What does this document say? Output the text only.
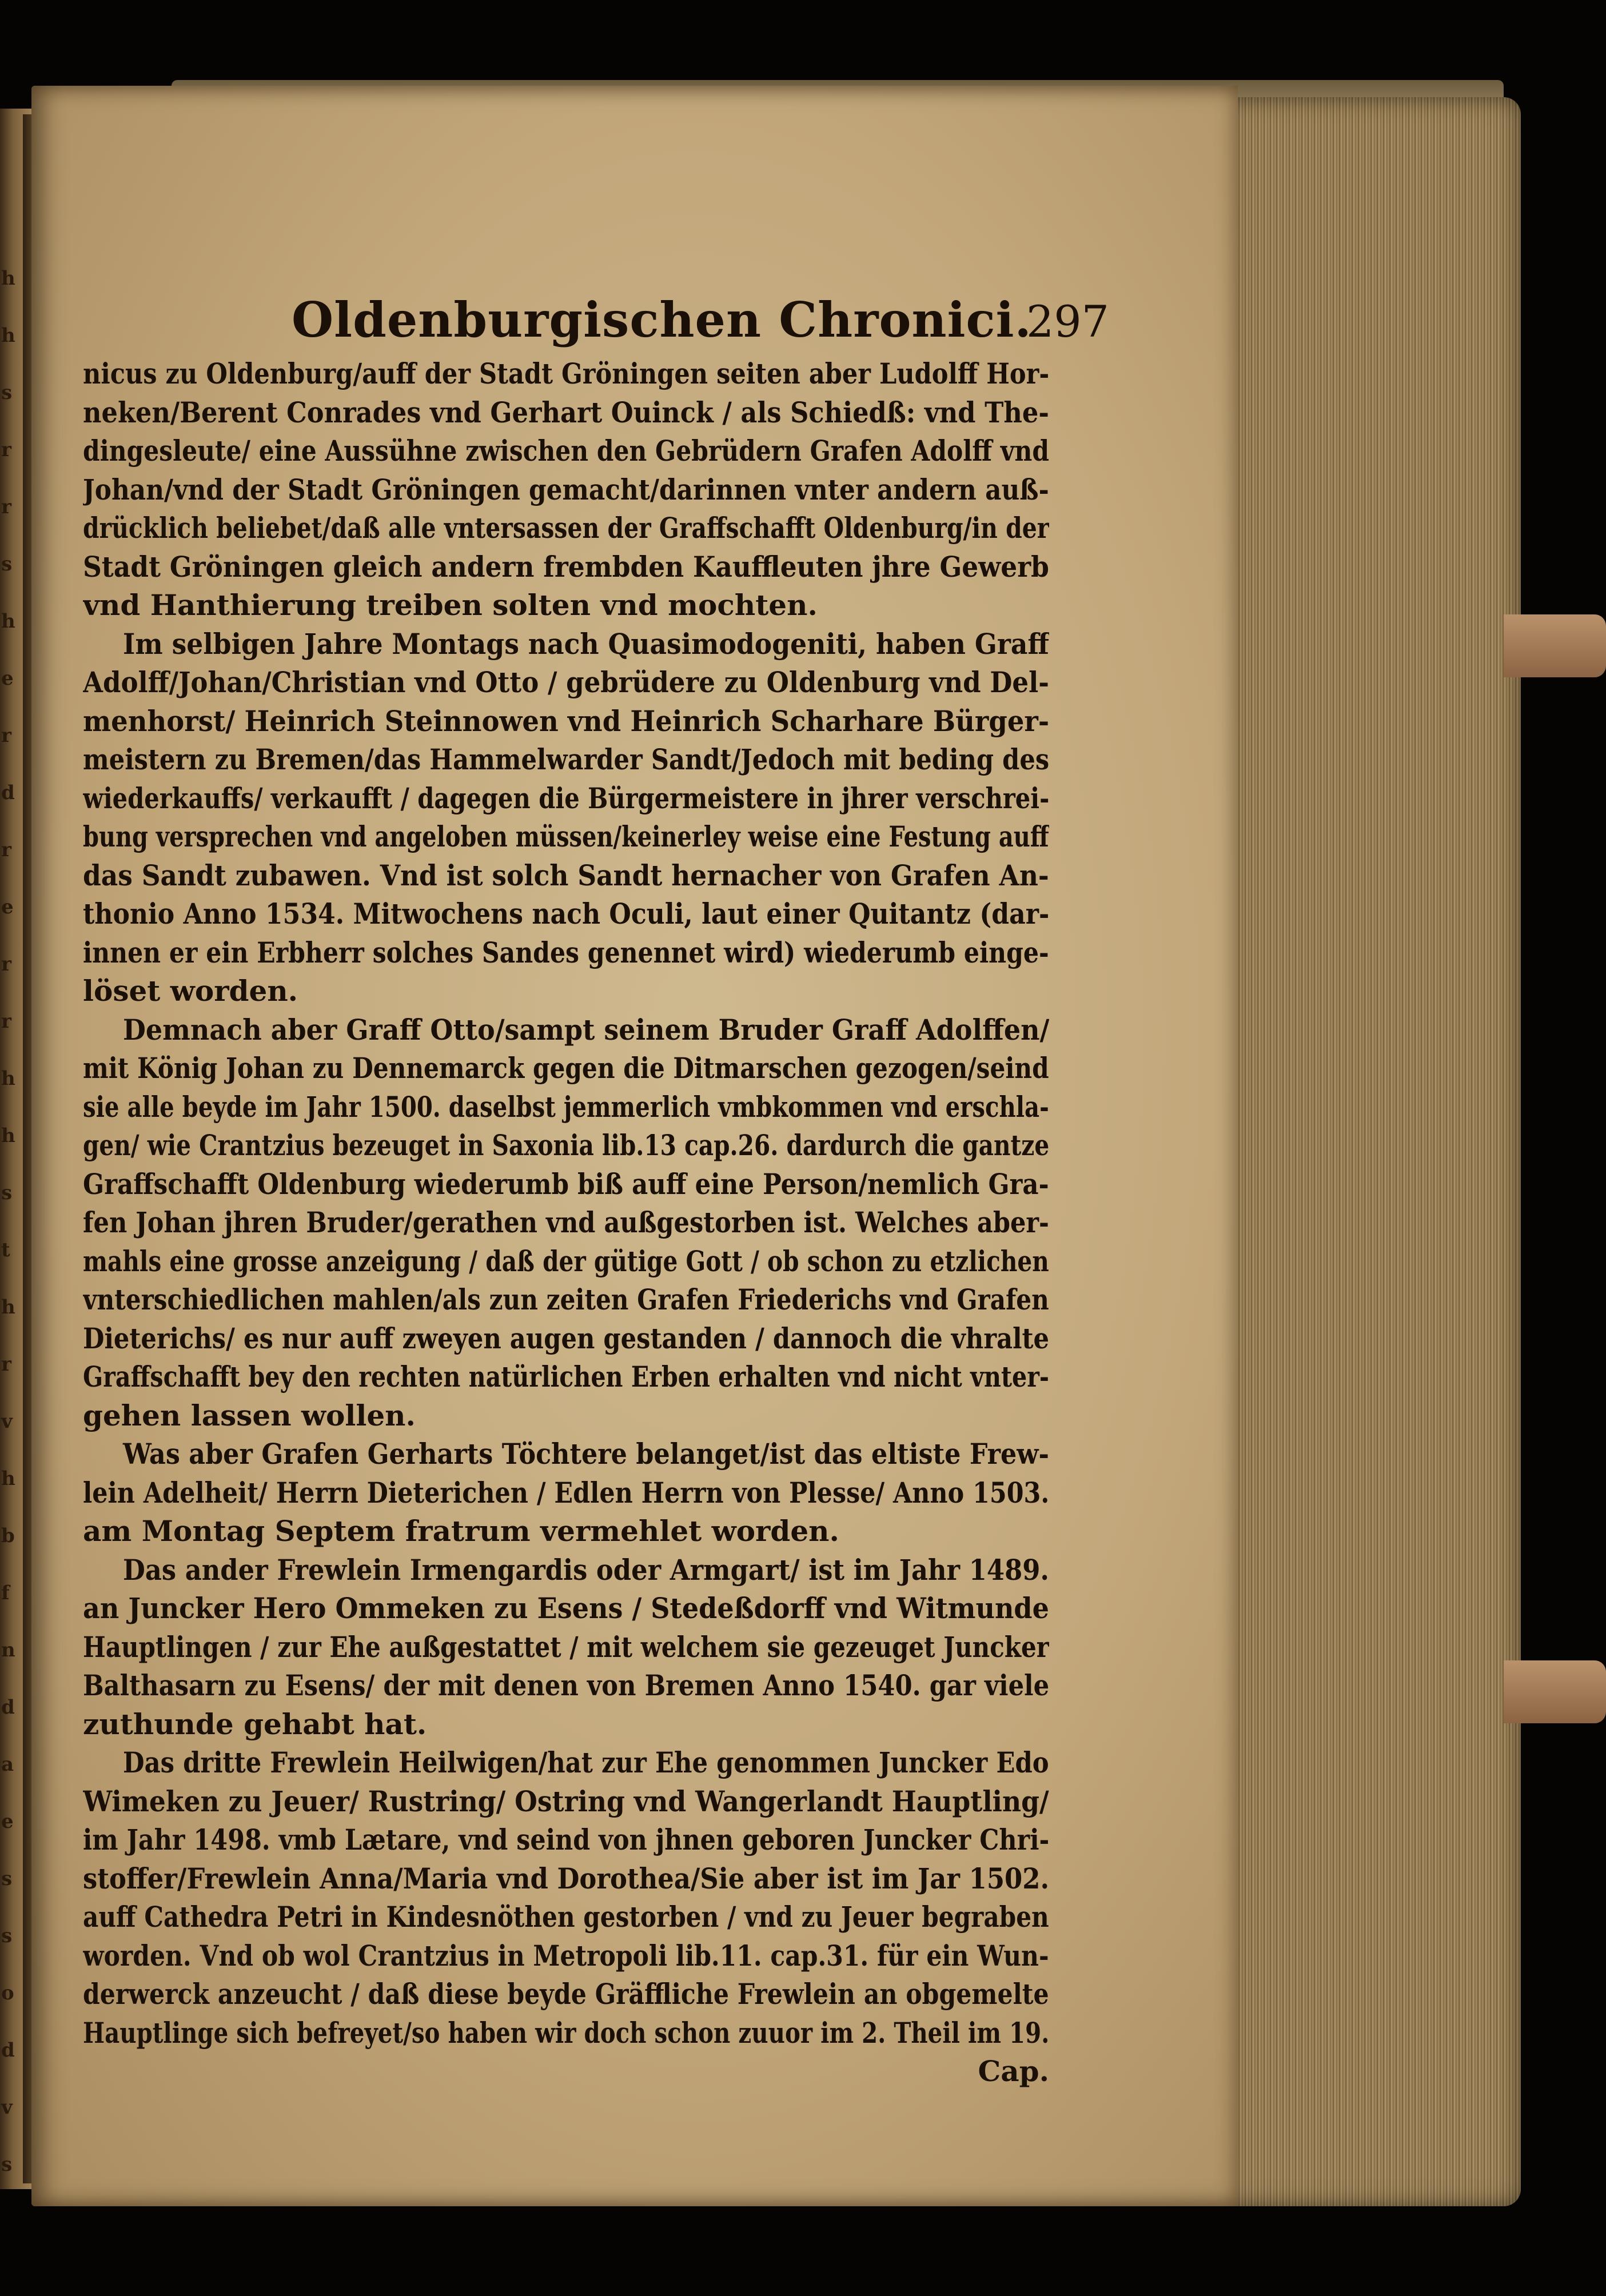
h
h
s
r
r
s
h
e
r
d
r
e
r
r
h
h
s
t
h
r
v
h
b
f
n
d
a
e
s
s
o
d
v
s
Oldenburgischen Chronici.
297
nicus zu Oldenburg/auff der Stadt Gröningen seiten aber Ludolff Hor-
neken/Berent Conrades vnd Gerhart Ouinck / als Schiedß: vnd The-
dingesleute/ eine Aussühne zwischen den Gebrüdern Grafen Adolff vnd
Johan/vnd der Stadt Gröningen gemacht/darinnen vnter andern auß-
drücklich beliebet/daß alle vntersassen der Graffschafft Oldenburg/in der
Stadt Gröningen gleich andern frembden Kauffleuten jhre Gewerb
vnd Hanthierung treiben solten vnd mochten.
Im selbigen Jahre Montags nach Quasimodogeniti, haben Graff
Adolff/Johan/Christian vnd Otto / gebrüdere zu Oldenburg vnd Del-
menhorst/ Heinrich Steinnowen vnd Heinrich Scharhare Bürger-
meistern zu Bremen/das Hammelwarder Sandt/Jedoch mit beding des
wiederkauffs/ verkaufft / dagegen die Bürgermeistere in jhrer verschrei-
bung versprechen vnd angeloben müssen/keinerley weise eine Festung auff
das Sandt zubawen. Vnd ist solch Sandt hernacher von Grafen An-
thonio Anno 1534. Mitwochens nach Oculi, laut einer Quitantz (dar-
innen er ein Erbherr solches Sandes genennet wird) wiederumb einge-
löset worden.
Demnach aber Graff Otto/sampt seinem Bruder Graff Adolffen/
mit König Johan zu Dennemarck gegen die Ditmarschen gezogen/seind
sie alle beyde im Jahr 1500. daselbst jemmerlich vmbkommen vnd erschla-
gen/ wie Crantzius bezeuget in Saxonia lib.13 cap.26. dardurch die gantze
Graffschafft Oldenburg wiederumb biß auff eine Person/nemlich Gra-
fen Johan jhren Bruder/gerathen vnd außgestorben ist. Welches aber-
mahls eine grosse anzeigung / daß der gütige Gott / ob schon zu etzlichen
vnterschiedlichen mahlen/als zun zeiten Grafen Friederichs vnd Grafen
Dieterichs/ es nur auff zweyen augen gestanden / dannoch die vhralte
Graffschafft bey den rechten natürlichen Erben erhalten vnd nicht vnter-
gehen lassen wollen.
Was aber Grafen Gerharts Töchtere belanget/ist das eltiste Frew-
lein Adelheit/ Herrn Dieterichen / Edlen Herrn von Plesse/ Anno 1503.
am Montag Septem fratrum vermehlet worden.
Das ander Frewlein Irmengardis oder Armgart/ ist im Jahr 1489.
an Juncker Hero Ommeken zu Esens / Stedeßdorff vnd Witmunde
Hauptlingen / zur Ehe außgestattet / mit welchem sie gezeuget Juncker
Balthasarn zu Esens/ der mit denen von Bremen Anno 1540. gar viele
zuthunde gehabt hat.
Das dritte Frewlein Heilwigen/hat zur Ehe genommen Juncker Edo
Wimeken zu Jeuer/ Rustring/ Ostring vnd Wangerlandt Hauptling/
im Jahr 1498. vmb Lætare, vnd seind von jhnen geboren Juncker Chri-
stoffer/Frewlein Anna/Maria vnd Dorothea/Sie aber ist im Jar 1502.
auff Cathedra Petri in Kindesnöthen gestorben / vnd zu Jeuer begraben
worden. Vnd ob wol Crantzius in Metropoli lib.11. cap.31. für ein Wun-
derwerck anzeucht / daß diese beyde Gräffliche Frewlein an obgemelte
Hauptlinge sich befreyet/so haben wir doch schon zuuor im 2. Theil im 19.
Cap.
